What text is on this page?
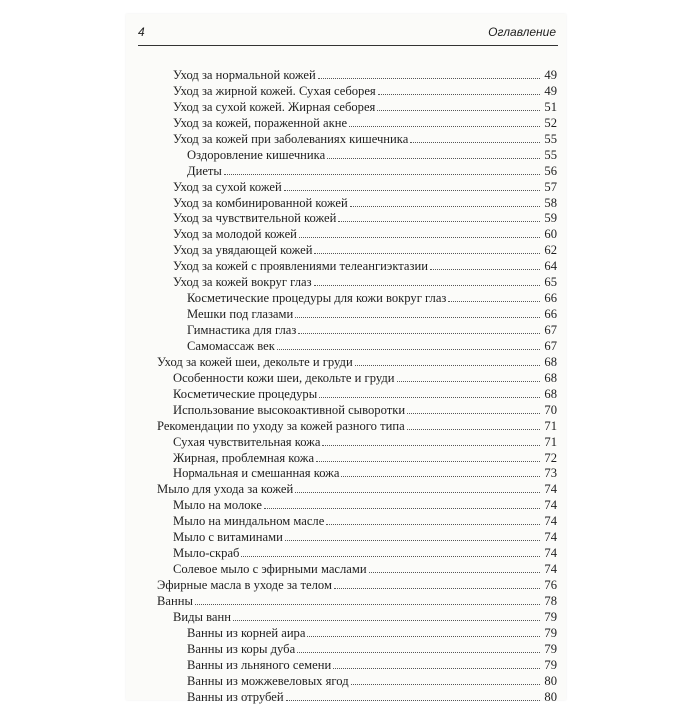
4	Оглавление
Уход за нормальной кожей	49
Уход за жирной кожей. Сухая себорея	49
Уход за сухой кожей. Жирная себорея	51
Уход за кожей, пораженной акне	52
Уход за кожей при заболеваниях кишечника	55
Оздоровление кишечника	55
Диеты	56
Уход за сухой кожей	57
Уход за комбинированной кожей	58
Уход за чувствительной кожей	59
Уход за молодой кожей	60
Уход за увядающей кожей	62
Уход за кожей с проявлениями телеангиэктазии	64
Уход за кожей вокруг глаз	65
Косметические процедуры для кожи вокруг глаз	66
Мешки под глазами	66
Гимнастика для глаз	67
Самомассаж век	67
Уход за кожей шеи, декольте и груди	68
Особенности кожи шеи, декольте и груди	68
Косметические процедуры	68
Использование высокоактивной сыворотки	70
Рекомендации по уходу за кожей разного типа	71
Сухая чувствительная кожа	71
Жирная, проблемная кожа	72
Нормальная и смешанная кожа	73
Мыло для ухода за кожей	74
Мыло на молоке	74
Мыло на миндальном масле	74
Мыло с витаминами	74
Мыло-скраб	74
Солевое мыло с эфирными маслами	74
Эфирные масла в уходе за телом	76
Ванны	78
Виды ванн	79
Ванны из корней аира	79
Ванны из коры дуба	79
Ванны из льняного семени	79
Ванны из можжевеловых ягод	80
Ванны из отрубей	80
